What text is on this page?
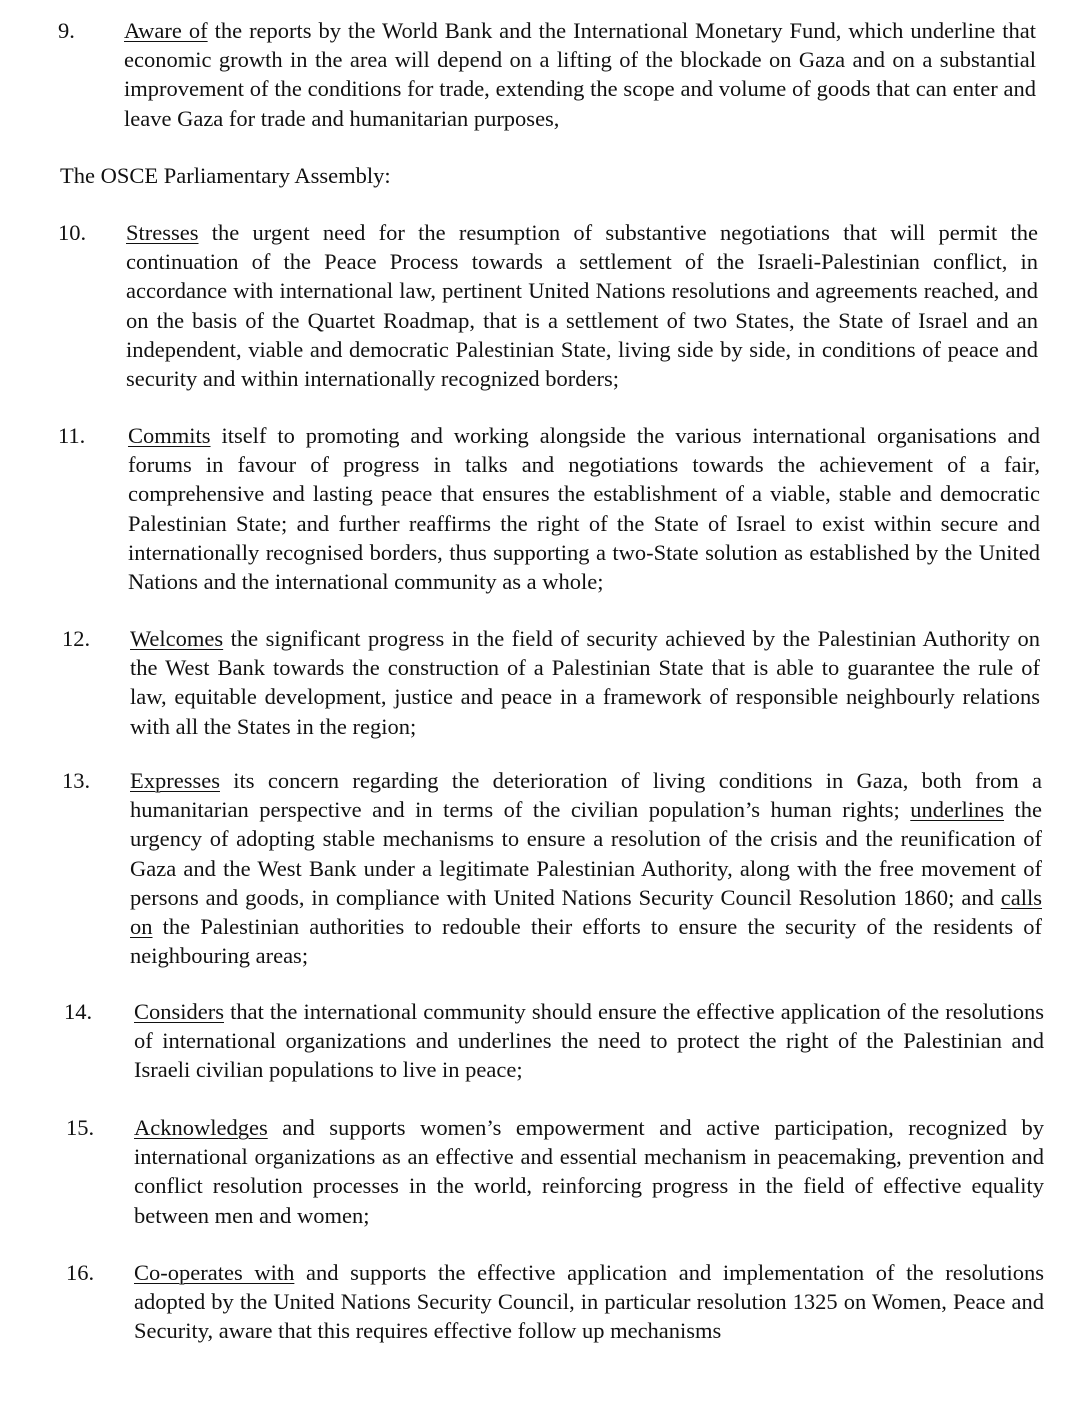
9. Aware of the reports by the World Bank and the International Monetary Fund, which underline that economic growth in the area will depend on a lifting of the blockade on Gaza and on a substantial improvement of the conditions for trade, extending the scope and volume of goods that can enter and leave Gaza for trade and humanitarian purposes,
The OSCE Parliamentary Assembly:
10. Stresses the urgent need for the resumption of substantive negotiations that will permit the continuation of the Peace Process towards a settlement of the Israeli-Palestinian conflict, in accordance with international law, pertinent United Nations resolutions and agreements reached, and on the basis of the Quartet Roadmap, that is a settlement of two States, the State of Israel and an independent, viable and democratic Palestinian State, living side by side, in conditions of peace and security and within internationally recognized borders;
11. Commits itself to promoting and working alongside the various international organisations and forums in favour of progress in talks and negotiations towards the achievement of a fair, comprehensive and lasting peace that ensures the establishment of a viable, stable and democratic Palestinian State; and further reaffirms the right of the State of Israel to exist within secure and internationally recognised borders, thus supporting a two-State solution as established by the United Nations and the international community as a whole;
12. Welcomes the significant progress in the field of security achieved by the Palestinian Authority on the West Bank towards the construction of a Palestinian State that is able to guarantee the rule of law, equitable development, justice and peace in a framework of responsible neighbourly relations with all the States in the region;
13. Expresses its concern regarding the deterioration of living conditions in Gaza, both from a humanitarian perspective and in terms of the civilian population’s human rights; underlines the urgency of adopting stable mechanisms to ensure a resolution of the crisis and the reunification of Gaza and the West Bank under a legitimate Palestinian Authority, along with the free movement of persons and goods, in compliance with United Nations Security Council Resolution 1860; and calls on the Palestinian authorities to redouble their efforts to ensure the security of the residents of neighbouring areas;
14. Considers that the international community should ensure the effective application of the resolutions of international organizations and underlines the need to protect the right of the Palestinian and Israeli civilian populations to live in peace;
15. Acknowledges and supports women’s empowerment and active participation, recognized by international organizations as an effective and essential mechanism in peacemaking, prevention and conflict resolution processes in the world, reinforcing progress in the field of effective equality between men and women;
16. Co-operates with and supports the effective application and implementation of the resolutions adopted by the United Nations Security Council, in particular resolution 1325 on Women, Peace and Security, aware that this requires effective follow up mechanisms
